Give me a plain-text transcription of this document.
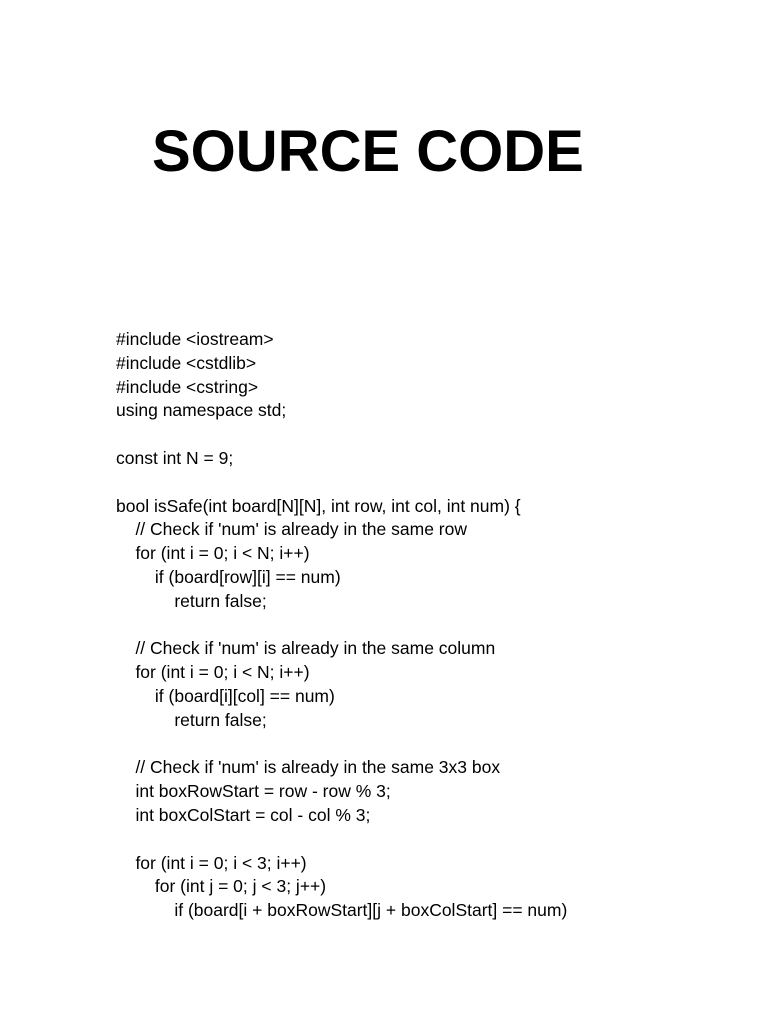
SOURCE CODE
#include <iostream>
#include <cstdlib>
#include <cstring>
using namespace std;
const int N = 9;
bool isSafe(int board[N][N], int row, int col, int num) {
// Check if 'num' is already in the same row
for (int i = 0; i < N; i++)
if (board[row][i] == num)
return false;
// Check if 'num' is already in the same column
for (int i = 0; i < N; i++)
if (board[i][col] == num)
return false;
// Check if 'num' is already in the same 3x3 box
int boxRowStart = row - row % 3;
int boxColStart = col - col % 3;
for (int i = 0; i < 3; i++)
for (int j = 0; j < 3; j++)
if (board[i + boxRowStart][j + boxColStart] == num)
